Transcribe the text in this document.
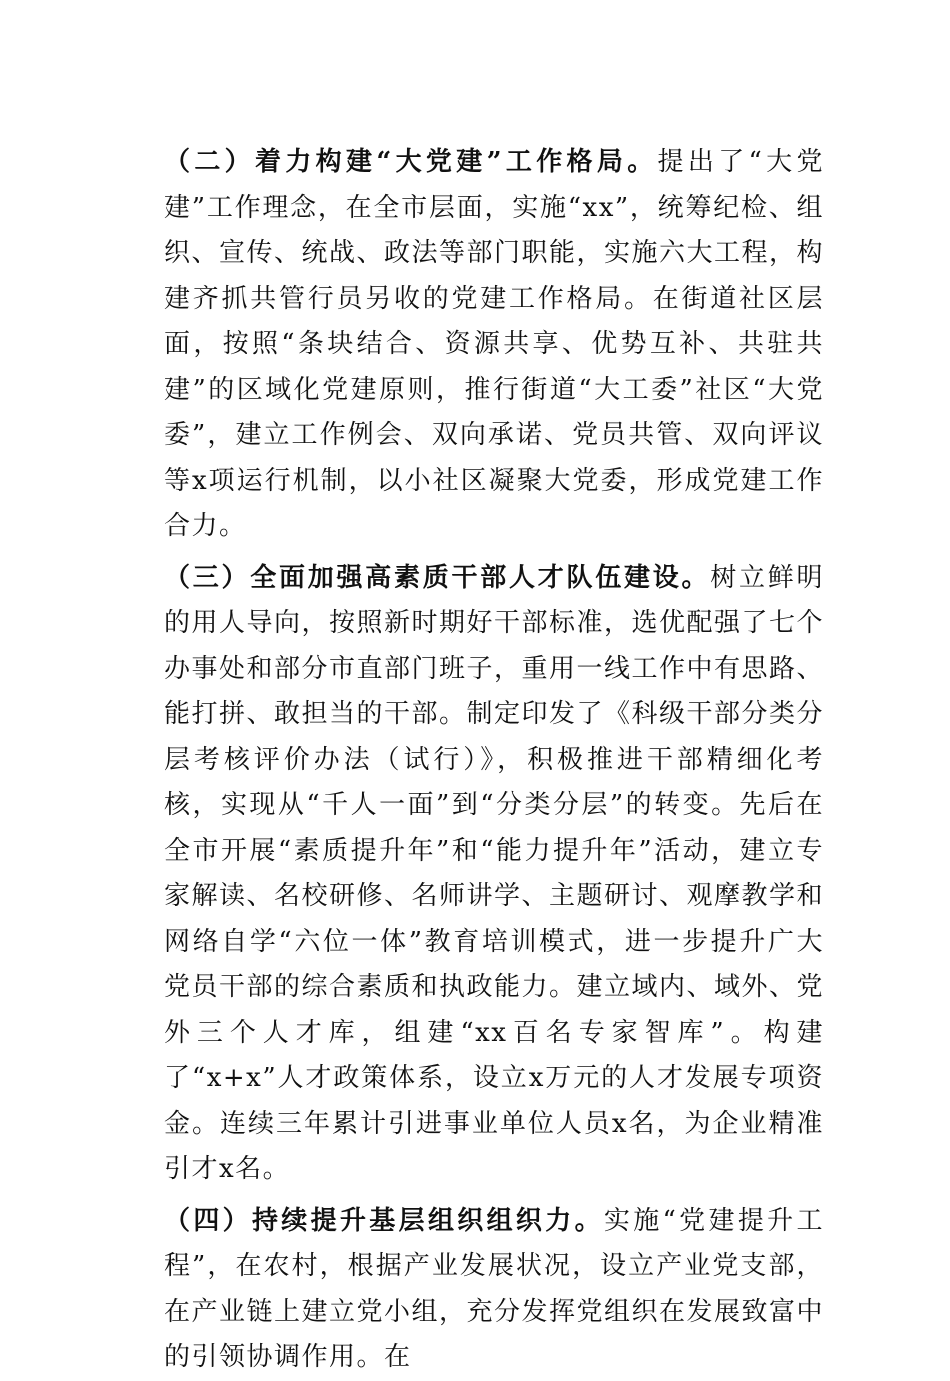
（二）着力构建“大党建”工作格局。提出了“大党建”工作理念，在全市层面，实施“xx”，统筹纪检、组织、宣传、统战、政法等部门职能，实施六大工程，构建齐抓共管行员另收的党建工作格局。在街道社区层面，按照“条块结合、资源共享、优势互补、共驻共建”的区域化党建原则，推行街道“大工委”社区“大党委”，建立工作例会、双向承诺、党员共管、双向评议等x项运行机制，以小社区凝聚大党委，形成党建工作合力。

（三）全面加强高素质干部人才队伍建设。树立鲜明的用人导向，按照新时期好干部标准，选优配强了七个办事处和部分市直部门班子，重用一线工作中有思路、能打拼、敢担当的干部。制定印发了《科级干部分类分层考核评价办法（试行）》，积极推进干部精细化考核，实现从“千人一面”到“分类分层”的转变。先后在全市开展“素质提升年”和“能力提升年”活动，建立专家解读、名校研修、名师讲学、主题研讨、观摩教学和网络自学“六位一体”教育培训模式，进一步提升广大党员干部的综合素质和执政能力。建立域内、域外、党外三个人才库，组建“xx百名专家智库”。构建了“x+x”人才政策体系，设立x万元的人才发展专项资金。连续三年累计引进事业单位人员x名，为企业精准引才x名。

（四）持续提升基层组织组织力。实施“党建提升工程”，在农村，根据产业发展状况，设立产业党支部，在产业链上建立党小组，充分发挥党组织在发展致富中的引领协调作用。在
